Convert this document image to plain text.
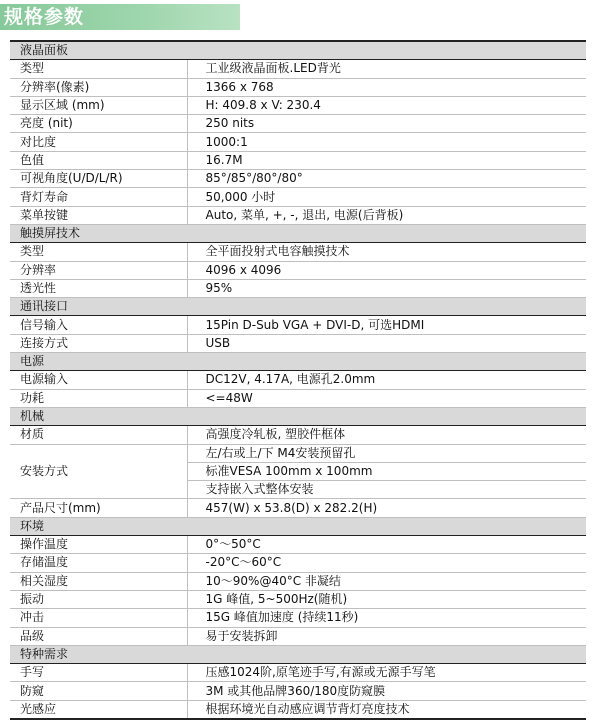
规格参数
液晶面板	
类型	工业级液晶面板.LED背光
分辨率(像素)	1366 x 768
显示区域 (mm)	H: 409.8 x V: 230.4
亮度 (nit)	250 nits
对比度	1000:1
色值	16.7M
可视角度(U/D/L/R)	85°/85°/80°/80°
背灯寿命	50,000 小时
菜单按键	Auto, 菜单, +, -, 退出, 电源(后背板)
触摸屏技术	
类型	全平面投射式电容触摸技术
分辨率	4096 x 4096
透光性	95%
通讯接口	
信号输入	15Pin D-Sub VGA + DVI-D, 可选HDMI
连接方式	USB
电源	
电源输入	DC12V, 4.17A, 电源孔2.0mm
功耗	<=48W
机械	
材质	高强度冷轧板, 塑胶件框体
安装方式	左/右或上/下 M4安装预留孔
	标准VESA 100mm x 100mm
	支持嵌入式整体安装
产品尺寸(mm)	457(W) x 53.8(D) x 282.2(H)
环境	
操作温度	0°～50°C
存储温度	-20°C～60°C
相关湿度	10～90%@40°C 非凝结
振动	1G 峰值, 5~500Hz(随机)
冲击	15G 峰值加速度 (持续11秒)
品级	易于安装拆卸
特种需求	
手写	压感1024阶,原笔迹手写,有源或无源手写笔
防窥	3M 或其他品牌360/180度防窥膜
光感应	根据环境光自动感应调节背灯亮度技术
